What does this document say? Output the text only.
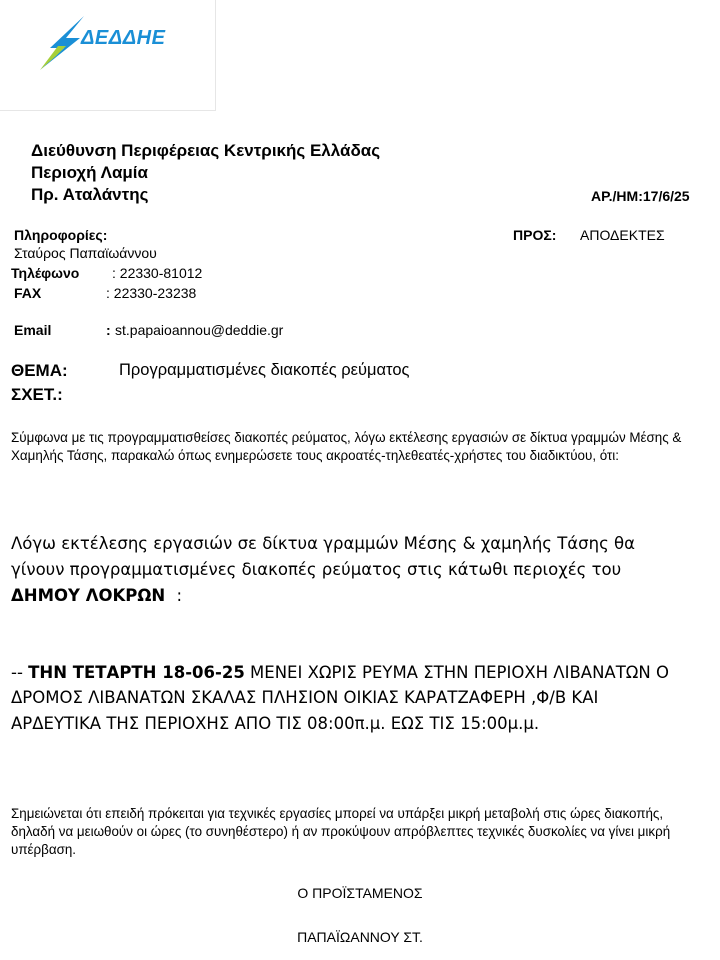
ΔΕΔΔΗΕ
Διεύθυνση Περιφέρειας Κεντρικής Ελλάδας
Περιοχή Λαμία
Πρ. Αταλάντης	ΑΡ./ΗΜ:17/6/25
Πληροφορίες:
Σταύρος Παπαϊωάννου
Τηλέφωνο : 22330-81012
FAX	: 22330-23238
Email	: st.papaioannou@deddie.gr
ΠΡΟΣ: ΑΠΟΔΕΚΤΕΣ
ΘΕΜΑ:	Προγραμματισμένες διακοπές ρεύματος
ΣΧΕΤ.:
Σύμφωνα με τις προγραμματισθείσες διακοπές ρεύματος, λόγω εκτέλεσης εργασιών σε δίκτυα γραμμών Μέσης & Χαμηλής Τάσης, παρακαλώ όπως ενημερώσετε τους ακροατές-τηλεθεατές-χρήστες του διαδικτύου, ότι:
Λόγω εκτέλεσης εργασιών σε δίκτυα γραμμών Μέσης & χαμηλής Τάσης θα
γίνουν προγραμματισμένες διακοπές ρεύματος στις κάτωθι περιοχές του
ΔΗΜΟΥ ΛΟΚΡΩΝ :
-- ΤΗΝ ΤΕΤΑΡΤΗ 18-06-25 ΜΕΝΕΙ ΧΩΡΙΣ ΡΕΥΜΑ ΣΤΗΝ ΠΕΡΙΟΧΗ ΛΙΒΑΝΑΤΩΝ Ο
ΔΡΟΜΟΣ ΛΙΒΑΝΑΤΩΝ ΣΚΑΛΑΣ ΠΛΗΣΙΟΝ ΟΙΚΙΑΣ ΚΑΡΑΤΖΑΦΕΡΗ ,Φ/Β ΚΑΙ
ΑΡΔΕΥΤΙΚΑ ΤΗΣ ΠΕΡΙΟΧΗΣ ΑΠΟ ΤΙΣ 08:00π.μ. ΕΩΣ ΤΙΣ 15:00μ.μ.
Σημειώνεται ότι επειδή πρόκειται για τεχνικές εργασίες μπορεί να υπάρξει μικρή μεταβολή στις ώρες διακοπής, δηλαδή να μειωθούν οι ώρες (το συνηθέστερο) ή αν προκύψουν απρόβλεπτες τεχνικές δυσκολίες να γίνει μικρή υπέρβαση.
Ο ΠΡΟΪΣΤΑΜΕΝΟΣ
ΠΑΠΑΪΩΑΝΝΟΥ ΣΤ.
